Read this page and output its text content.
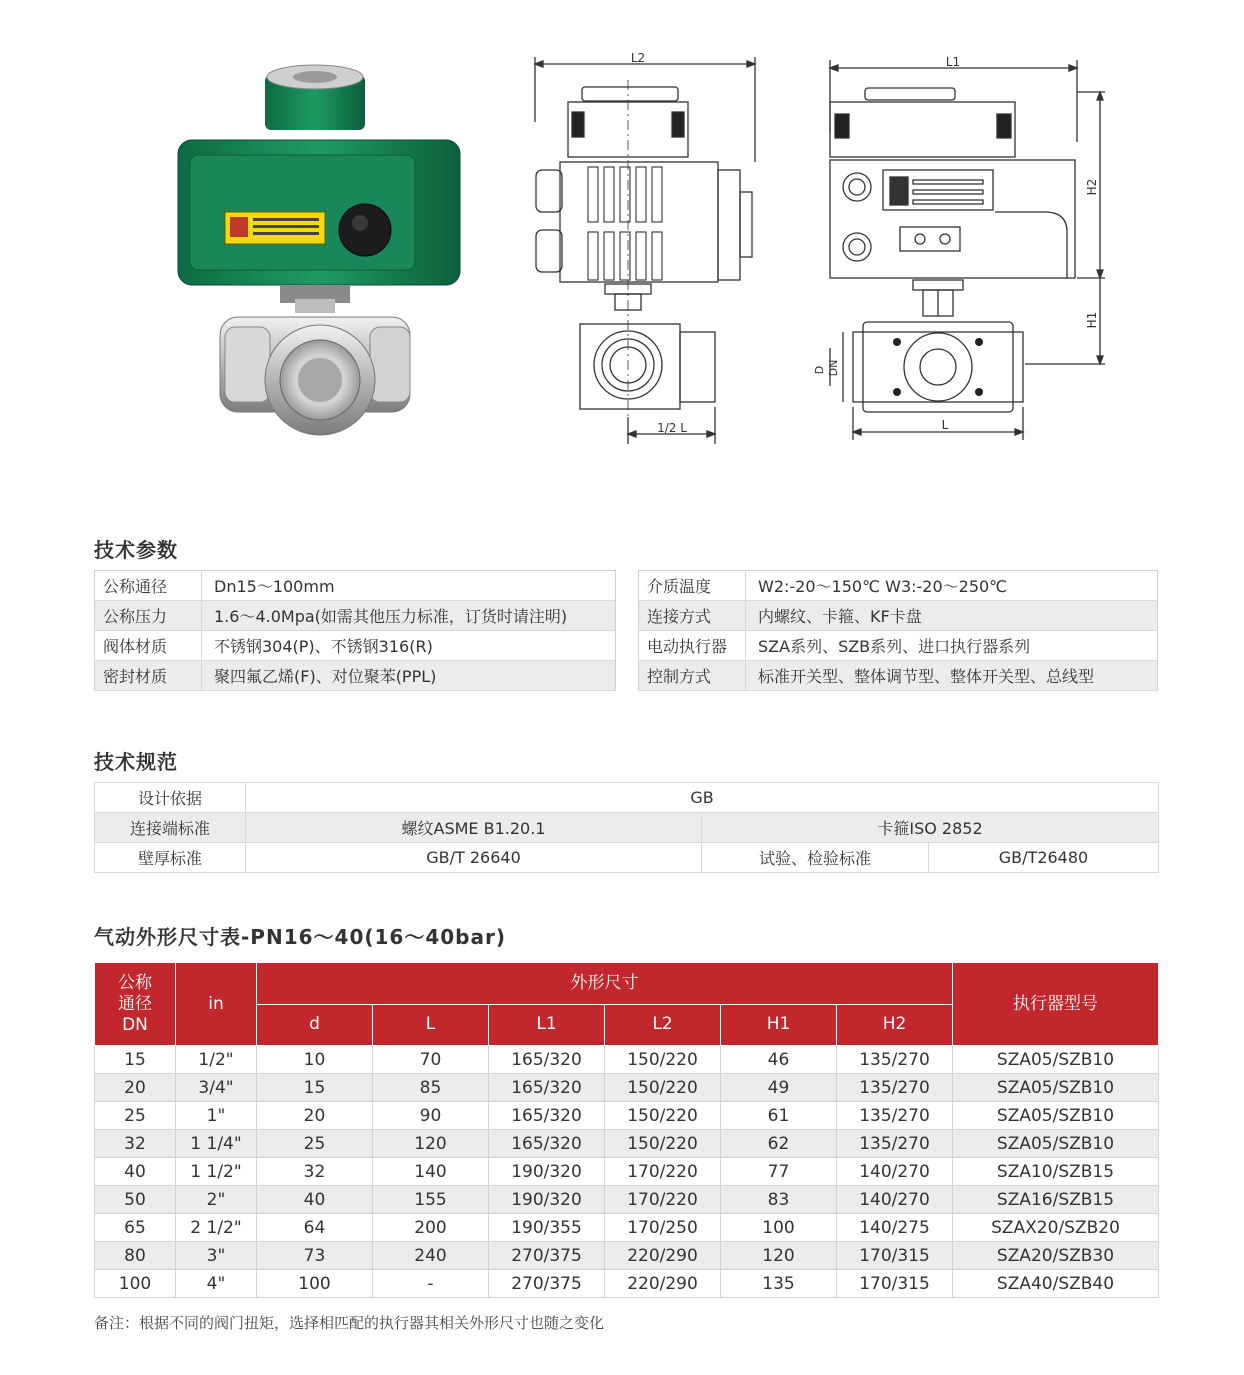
L2
1/2 L
L1
D DN
L
H2
H1
技术参数
公称通径	Dn15～100mm
公称压力	1.6～4.0Mpa(如需其他压力标准，订货时请注明)
阀体材质	不锈钢304(P)、不锈钢316(R)
密封材质	聚四氟乙烯(F)、对位聚苯(PPL)
介质温度	W2:-20～150℃ W3:-20～250℃
连接方式	内螺纹、卡箍、KF卡盘
电动执行器	SZA系列、SZB系列、进口执行器系列
控制方式	标准开关型、整体调节型、整体开关型、总线型
技术规范
设计依据	GB		
连接端标准	螺纹ASME B1.20.1	卡箍ISO 2852	
壁厚标准	GB/T 26640	试验、检验标准	GB/T26480
气动外形尺寸表-PN16～40(16～40bar)
公称
通径
DN	in	外形尺寸						执行器型号
		d	L	L1	L2	H1	H2	
15	1/2"	10	70	165/320	150/220	46	135/270	SZA05/SZB10
20	3/4"	15	85	165/320	150/220	49	135/270	SZA05/SZB10
25	1"	20	90	165/320	150/220	61	135/270	SZA05/SZB10
32	1 1/4"	25	120	165/320	150/220	62	135/270	SZA05/SZB10
40	1 1/2"	32	140	190/320	170/220	77	140/270	SZA10/SZB15
50	2"	40	155	190/320	170/220	83	140/270	SZA16/SZB15
65	2 1/2"	64	200	190/355	170/250	100	140/275	SZAX20/SZB20
80	3"	73	240	270/375	220/290	120	170/315	SZA20/SZB30
100	4"	100	-	270/375	220/290	135	170/315	SZA40/SZB40
备注：根据不同的阀门扭矩，选择相匹配的执行器其相关外形尺寸也随之变化
